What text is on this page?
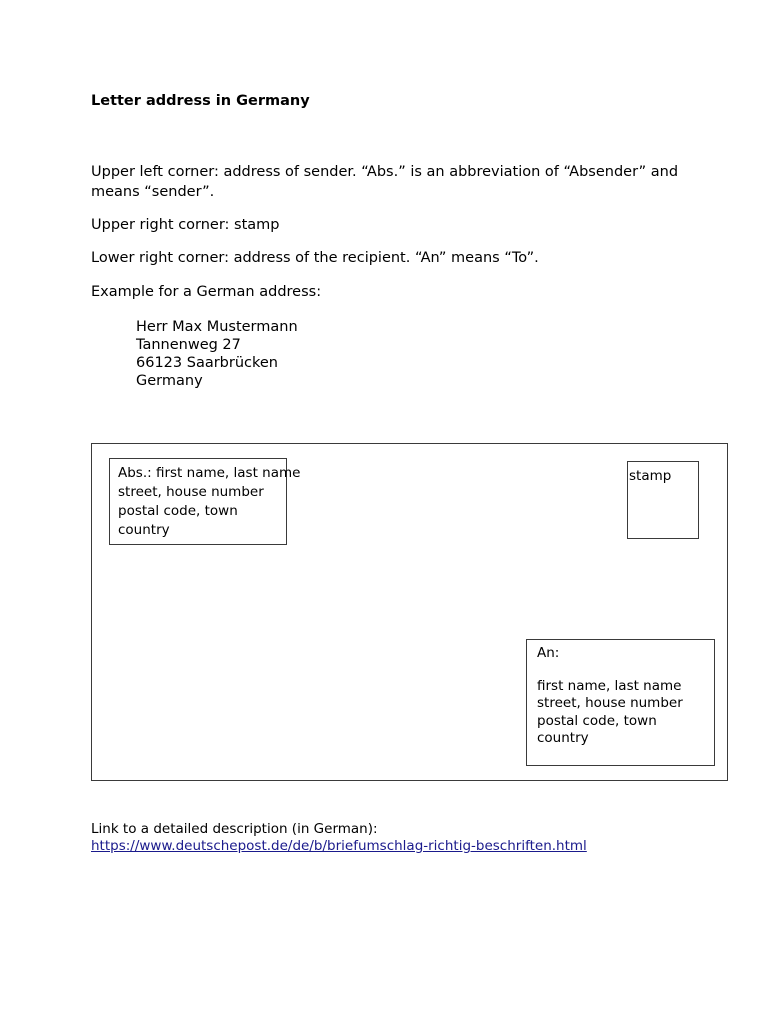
Letter address in Germany
Upper left corner: address of sender. “Abs.” is an abbreviation of “Absender” and means “sender”.
Upper right corner: stamp
Lower right corner: address of the recipient. “An” means “To”.
Example for a German address:
Herr Max Mustermann
Tannenweg 27
66123 Saarbrücken
Germany
Abs.: first name, last name
street, house number
postal code, town
country
stamp
An:
first name, last name
street, house number
postal code, town
country
Link to a detailed description (in German):
https://www.deutschepost.de/de/b/briefumschlag-richtig-beschriften.html
